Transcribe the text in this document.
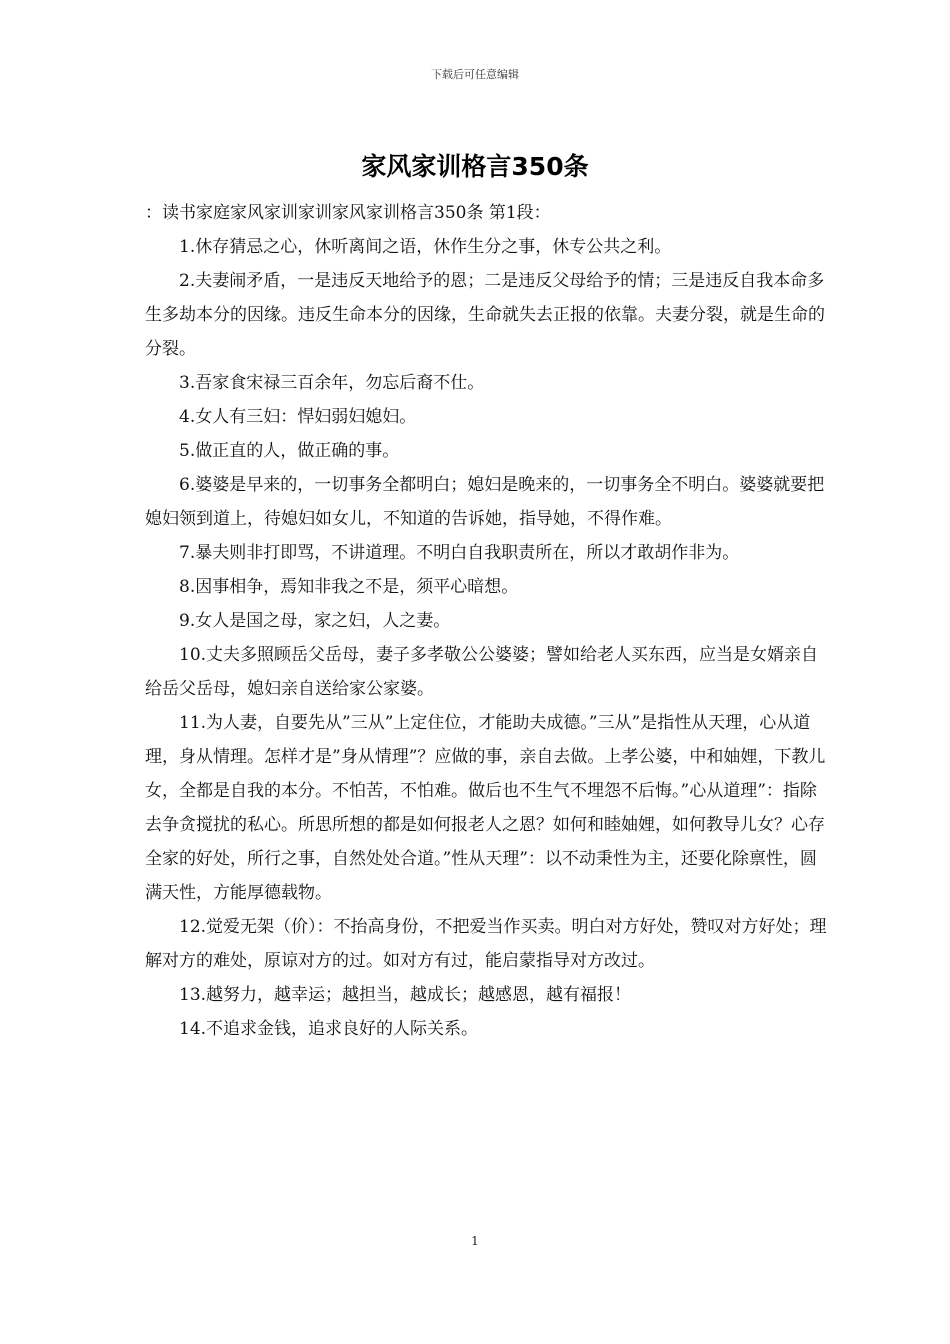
下载后可任意编辑
家风家训格言350条

：读书家庭家风家训家训家风家训格言350条 第1段：

1.休存猜忌之心，休听离间之语，休作生分之事，休专公共之利。

2.夫妻闹矛盾，一是违反天地给予的恩；二是违反父母给予的情；三是违反自我本命多生多劫本分的因缘。违反生命本分的因缘，生命就失去正报的依靠。夫妻分裂，就是生命的分裂。

3.吾家食宋禄三百余年，勿忘后裔不仕。

4.女人有三妇：悍妇弱妇媳妇。

5.做正直的人，做正确的事。

6.婆婆是早来的，一切事务全都明白；媳妇是晚来的，一切事务全不明白。婆婆就要把媳妇领到道上，待媳妇如女儿，不知道的告诉她，指导她，不得作难。

7.暴夫则非打即骂，不讲道理。不明白自我职责所在，所以才敢胡作非为。

8.因事相争，焉知非我之不是，须平心暗想。

9.女人是国之母，家之妇，人之妻。

10.丈夫多照顾岳父岳母，妻子多孝敬公公婆婆；譬如给老人买东西，应当是女婿亲自给岳父岳母，媳妇亲自送给家公家婆。

11.为人妻，自要先从”三从”上定住位，才能助夫成德。”三从”是指性从天理，心从道理，身从情理。怎样才是”身从情理”？应做的事，亲自去做。上孝公婆，中和妯娌，下教儿女，全都是自我的本分。不怕苦，不怕难。做后也不生气不埋怨不后悔。”心从道理”：指除去争贪搅扰的私心。所思所想的都是如何报老人之恩？如何和睦妯娌，如何教导儿女？心存全家的好处，所行之事，自然处处合道。”性从天理”：以不动秉性为主，还要化除禀性，圆满天性，方能厚德载物。

12.觉爱无架（价）：不抬高身份，不把爱当作买卖。明白对方好处，赞叹对方好处；理解对方的难处，原谅对方的过。如对方有过，能启蒙指导对方改过。

13.越努力，越幸运；越担当，越成长；越感恩，越有福报！

14.不追求金钱，追求良好的人际关系。

1
